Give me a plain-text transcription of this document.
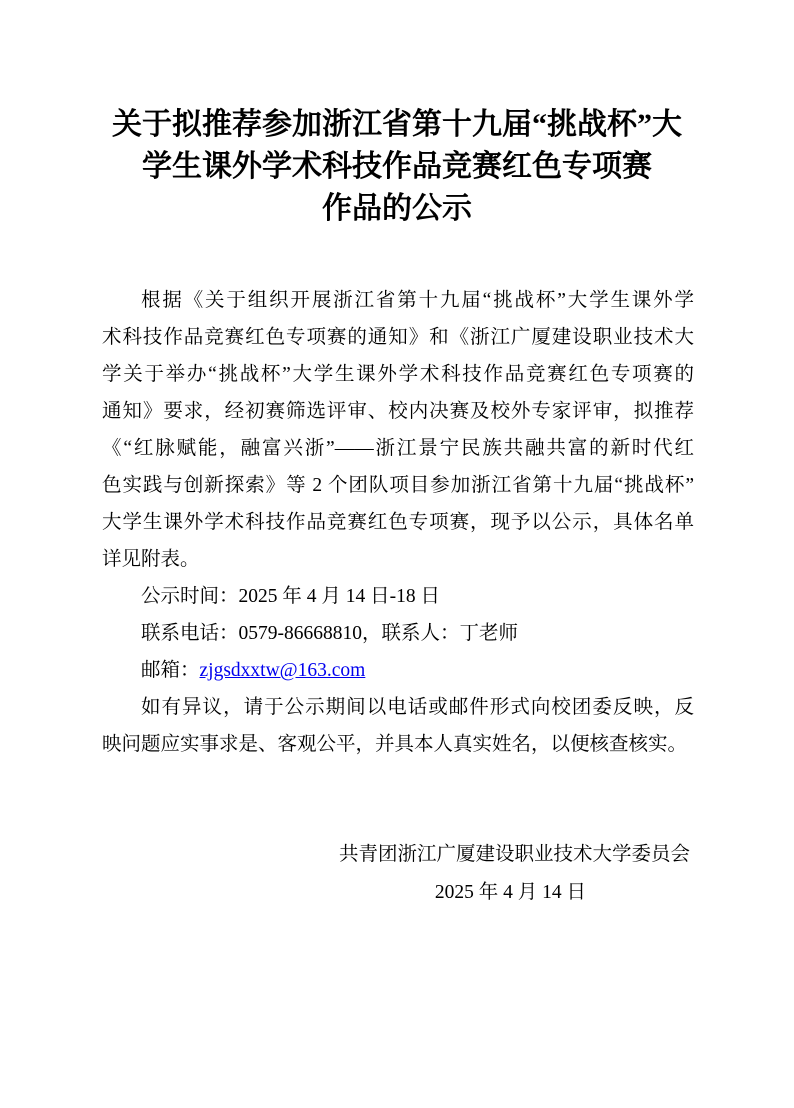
关于拟推荐参加浙江省第十九届“挑战杯”大
学生课外学术科技作品竞赛红色专项赛
作品的公示
根据《关于组织开展浙江省第十九届“挑战杯”大学生课外学
术科技作品竞赛红色专项赛的通知》和《浙江广厦建设职业技术大
学关于举办“挑战杯”大学生课外学术科技作品竞赛红色专项赛的
通知》要求，经初赛筛选评审、校内决赛及校外专家评审，拟推荐
《“红脉赋能，融富兴浙”——浙江景宁民族共融共富的新时代红
色实践与创新探索》等 2 个团队项目参加浙江省第十九届“挑战杯”
大学生课外学术科技作品竞赛红色专项赛，现予以公示，具体名单
详见附表。
公示时间：2025 年 4 月 14 日-18 日
联系电话：0579-86668810，联系人：丁老师
邮箱：zjgsdxxtw@163.com
如有异议，请于公示期间以电话或邮件形式向校团委反映，反
映问题应实事求是、客观公平，并具本人真实姓名，以便核查核实。
共青团浙江广厦建设职业技术大学委员会
2025 年 4 月 14 日
